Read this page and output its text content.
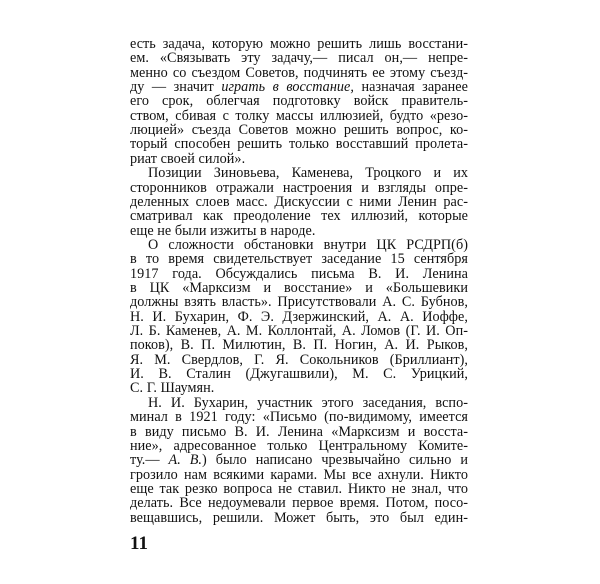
есть задача, которую можно решить лишь восстани-
ем. «Связывать эту задачу,— писал он,— непре-
менно со съездом Советов, подчинять ее этому съезд-
ду — значит играть в восстание, назначая заранее
его срок, облегчая подготовку войск правитель-
ством, сбивая с толку массы иллюзией, будто «резо-
люцией» съезда Советов можно решить вопрос, ко-
торый способен решить только восставший пролета-
риат своей силой».
Позиции Зиновьева, Каменева, Троцкого и их
сторонников отражали настроения и взгляды опре-
деленных слоев масс. Дискуссии с ними Ленин рас-
сматривал как преодоление тех иллюзий, которые
еще не были изжиты в народе.
О сложности обстановки внутри ЦК РСДРП(б)
в то время свидетельствует заседание 15 сентября
1917 года. Обсуждались письма В. И. Ленина
в ЦК «Марксизм и восстание» и «Большевики
должны взять власть». Присутствовали А. С. Бубнов,
Н. И. Бухарин, Ф. Э. Дзержинский, А. А. Иоффе,
Л. Б. Каменев, А. М. Коллонтай, А. Ломов (Г. И. Оп-
поков), В. П. Милютин, В. П. Ногин, А. И. Рыков,
Я. М. Свердлов, Г. Я. Сокольников (Бриллиант),
И. В. Сталин (Джугашвили), М. С. Урицкий,
С. Г. Шаумян.
Н. И. Бухарин, участник этого заседания, вспо-
минал в 1921 году: «Письмо (по-видимому, имеется
в виду письмо В. И. Ленина «Марксизм и восста-
ние», адресованное только Центральному Комите-
ту.— А. В.) было написано чрезвычайно сильно и
грозило нам всякими карами. Мы все ахнули. Никто
еще так резко вопроса не ставил. Никто не знал, что
делать. Все недоумевали первое время. Потом, посо-
вещавшись, решили. Может быть, это был един-
11
